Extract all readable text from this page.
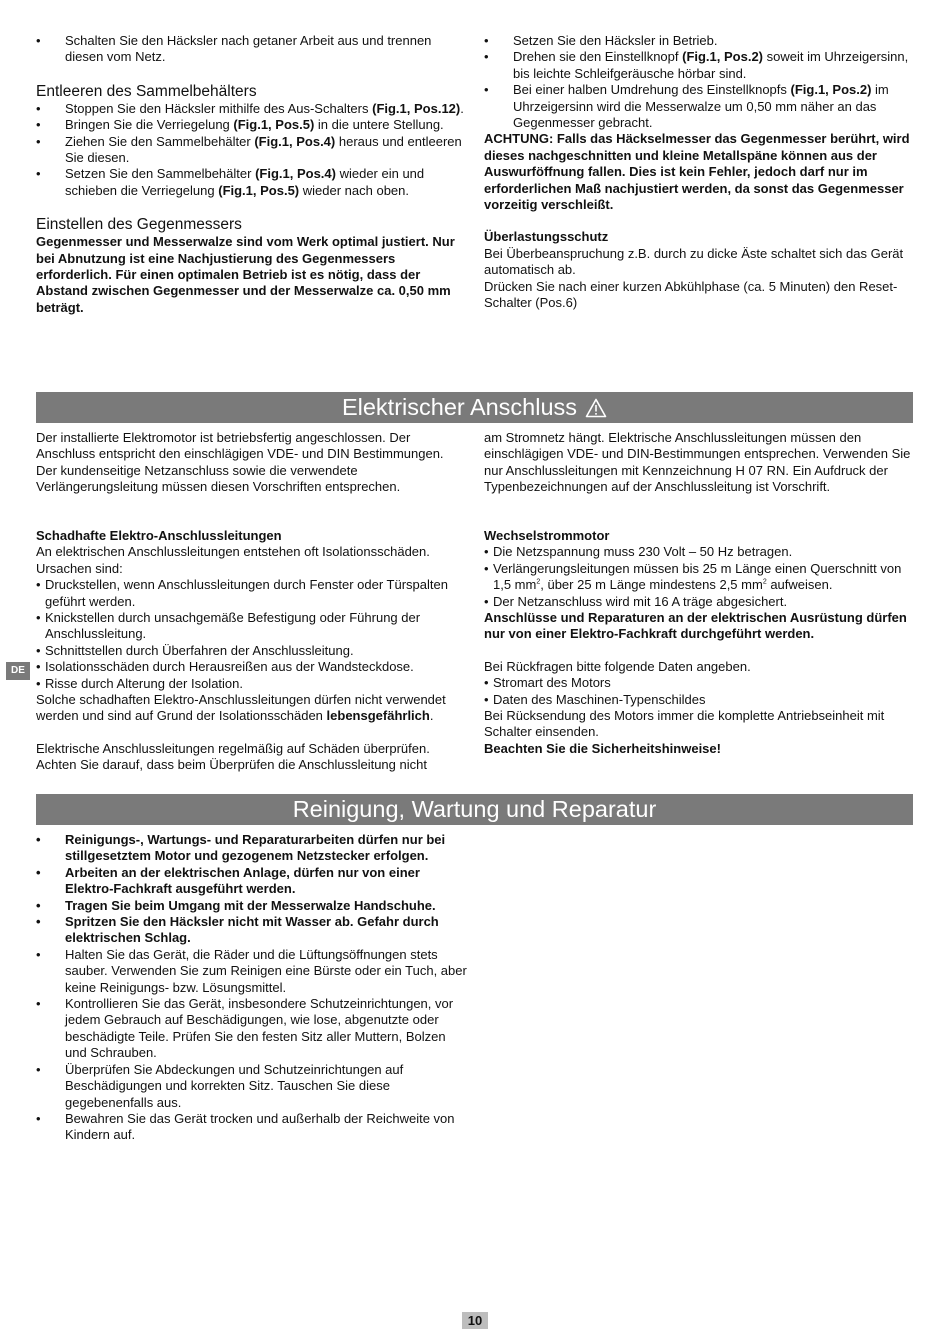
• Schalten Sie den Häcksler nach getaner Arbeit aus und trennen diesen vom Netz.
Entleeren des Sammelbehälters
• Stoppen Sie den Häcksler mithilfe des Aus-Schalters (Fig.1, Pos.12).
• Bringen Sie die Verriegelung (Fig.1, Pos.5) in die untere Stellung.
• Ziehen Sie den Sammelbehälter (Fig.1, Pos.4) heraus und entleeren Sie diesen.
• Setzen Sie den Sammelbehälter (Fig.1, Pos.4) wieder ein und schieben die Verriegelung (Fig.1, Pos.5) wieder nach oben.
Einstellen des Gegenmessers

Gegenmesser und Messerwalze sind vom Werk optimal justiert. Nur bei Abnutzung ist eine Nachjustierung des Gegenmessers erforderlich. Für einen optimalen Betrieb ist es nötig, dass der Abstand zwischen Gegenmesser und der Messerwalze ca. 0,50 mm beträgt.

• Setzen Sie den Häcksler in Betrieb.
• Drehen sie den Einstellknopf (Fig.1, Pos.2) soweit im Uhrzeigersinn, bis leichte Schleifgeräusche hörbar sind.
• Bei einer halben Umdrehung des Einstellknopfs (Fig.1, Pos.2) im Uhrzeigersinn wird die Messerwalze um 0,50 mm näher an das Gegenmesser gebracht.

ACHTUNG: Falls das Häckselmesser das Gegenmesser berührt, wird dieses nachgeschnitten und kleine Metallspäne können aus der Auswurföffnung fallen. Dies ist kein Fehler, jedoch darf nur im erforderlichen Maß nachjustiert werden, da sonst das Gegenmesser vorzeitig verschleißt.

Überlastungsschutz

Bei Überbeanspruchung z.B. durch zu dicke Äste schaltet sich das Gerät automatisch ab.

Drücken Sie nach einer kurzen Abkühlphase (ca. 5 Minuten) den Reset-Schalter (Pos.6)

Elektrischer Anschluss

Der installierte Elektromotor ist betriebsfertig angeschlossen. Der Anschluss entspricht den einschlägigen VDE- und DIN Bestimmungen. Der kundenseitige Netzanschluss sowie die verwendete Verlängerungsleitung müssen diesen Vorschriften entsprechen.

am Stromnetz hängt. Elektrische Anschlussleitungen müssen den einschlägigen VDE- und DIN-Bestimmungen entsprechen. Verwenden Sie nur Anschlussleitungen mit Kennzeichnung H 07 RN. Ein Aufdruck der Typenbezeichnungen auf der Anschlussleitung ist Vorschrift.

Schadhafte Elektro-Anschlussleitungen

An elektrischen Anschlussleitungen entstehen oft Isolationsschäden.

Ursachen sind:

• Druckstellen, wenn Anschlussleitungen durch Fenster oder Türspalten geführt werden.
• Knickstellen durch unsachgemäße Befestigung oder Führung der Anschlussleitung.
• Schnittstellen durch Überfahren der Anschlussleitung.
• Isolationsschäden durch Herausreißen aus der Wandsteckdose.
• Risse durch Alterung der Isolation.

Solche schadhaften Elektro-Anschlussleitungen dürfen nicht verwendet werden und sind auf Grund der Isolationsschäden lebensgefährlich.

Elektrische Anschlussleitungen regelmäßig auf Schäden überprüfen. Achten Sie darauf, dass beim Überprüfen die Anschlussleitung nicht

Wechselstrommotor

• Die Netzspannung muss 230 Volt – 50 Hz betragen.
• Verlängerungsleitungen müssen bis 25 m Länge einen Querschnitt von 1,5 $mm^2$, über 25 m Länge mindestens 2,5 $mm^2$ aufweisen.
• Der Netzanschluss wird mit 16 A träge abgesichert.

Anschlüsse und Reparaturen an der elektrischen Ausrüstung dürfen nur von einer Elektro-Fachkraft durchgeführt werden.

Bei Rückfragen bitte folgende Daten angeben.

• Stromart des Motors
• Daten des Maschinen-Typenschildes

Bei Rücksendung des Motors immer die komplette Antriebseinheit mit Schalter einsenden.

Beachten Sie die Sicherheitshinweise!

Reinigung, Wartung und Reparatur
• Reinigungs-, Wartungs- und Reparaturarbeiten dürfen nur bei stillgesetztem Motor und gezogenem Netzstecker erfolgen.
• Arbeiten an der elektrischen Anlage, dürfen nur von einer Elektro-Fachkraft ausgeführt werden.
• Tragen Sie beim Umgang mit der Messerwalze Handschuhe.
• Spritzen Sie den Häcksler nicht mit Wasser ab. Gefahr durch elektrischen Schlag.
• Halten Sie das Gerät, die Räder und die Lüftungsöffnungen stets sauber. Verwenden Sie zum Reinigen eine Bürste oder ein Tuch, aber keine Reinigungs- bzw. Lösungsmittel.
• Kontrollieren Sie das Gerät, insbesondere Schutzeinrichtungen, vor jedem Gebrauch auf Beschädigungen, wie lose, abgenutzte oder beschädigte Teile. Prüfen Sie den festen Sitz aller Muttern, Bolzen und Schrauben.
• Überprüfen Sie Abdeckungen und Schutzeinrichtungen auf Beschädigungen und korrekten Sitz. Tauschen Sie diese gegebenenfalls aus.
• Bewahren Sie das Gerät trocken und außerhalb der Reichweite von Kindern auf.
DE
10
